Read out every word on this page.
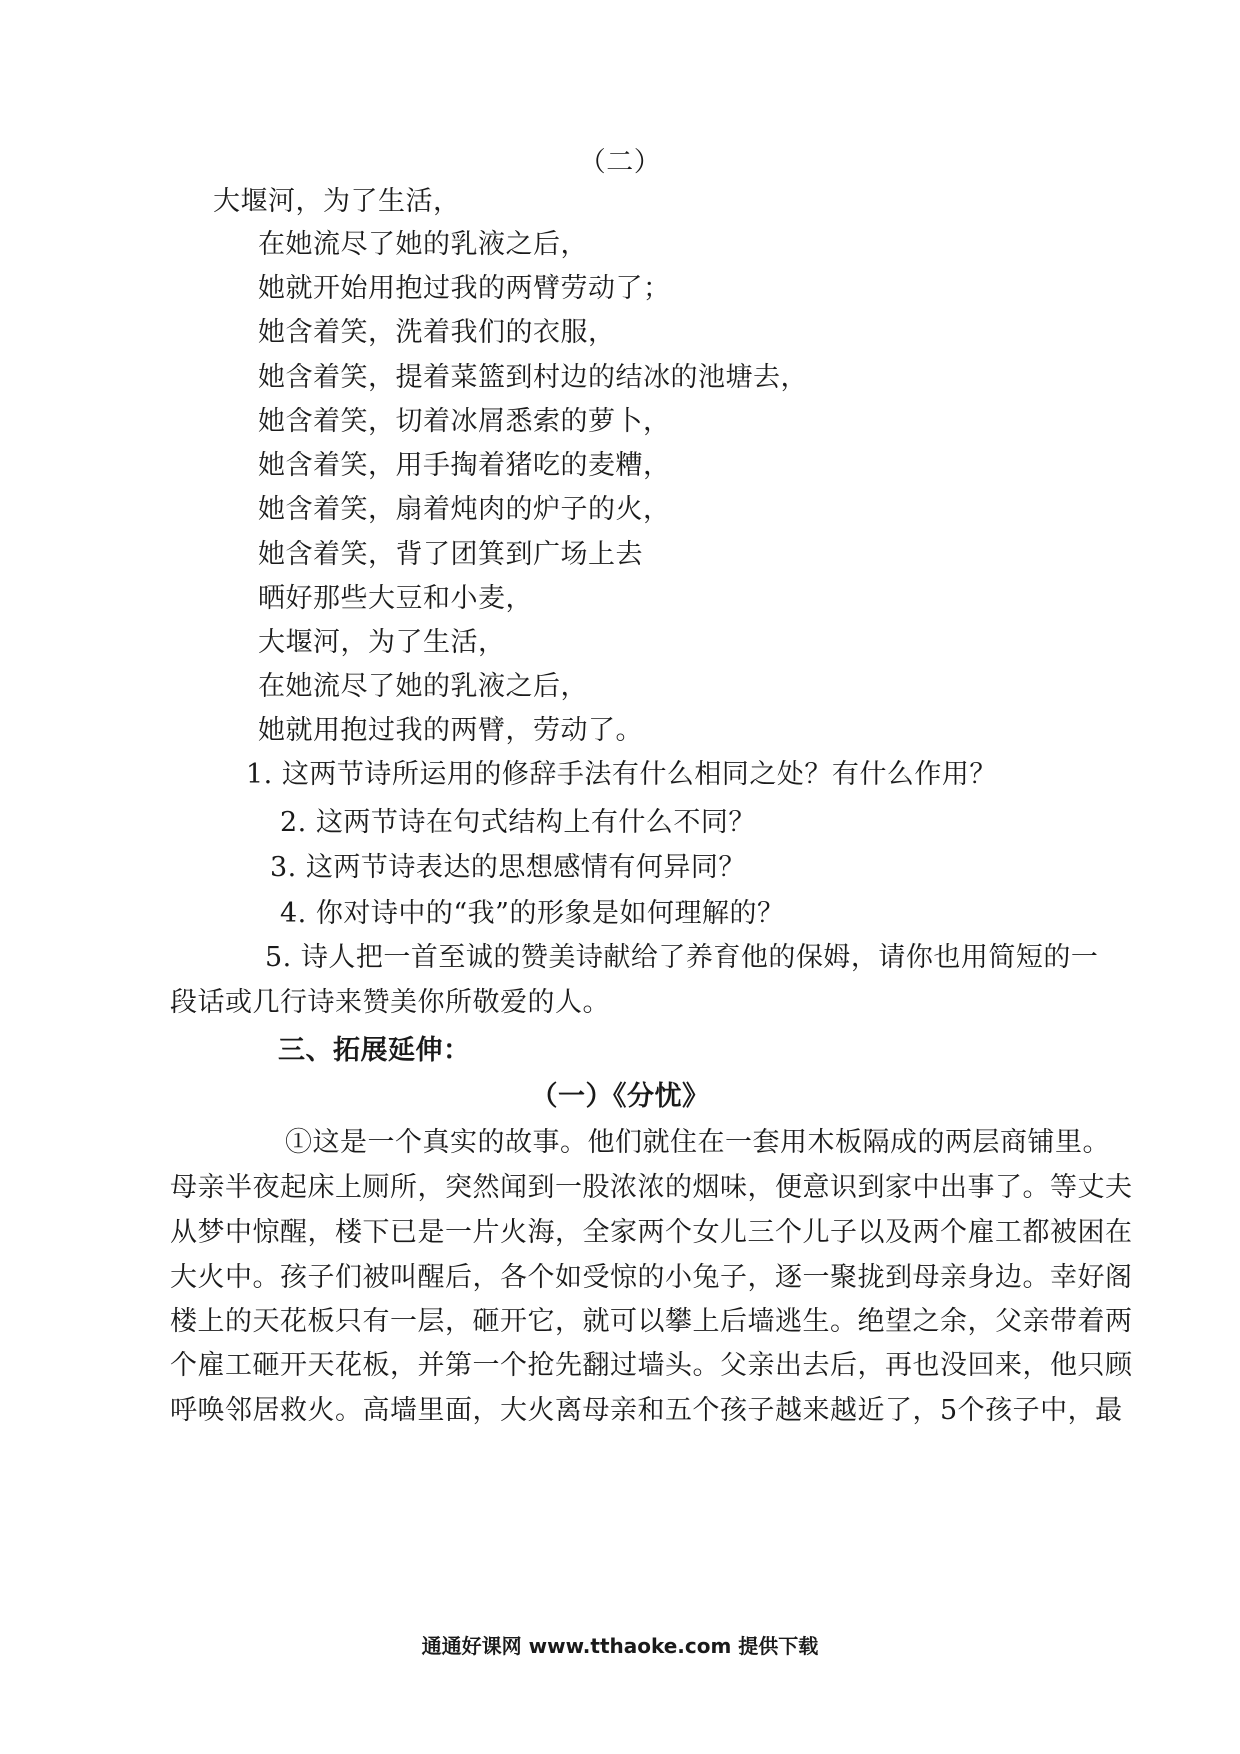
（二）
大堰河，为了生活，
在她流尽了她的乳液之后，
她就开始用抱过我的两臂劳动了；
她含着笑，洗着我们的衣服，
她含着笑，提着菜篮到村边的结冰的池塘去，
她含着笑，切着冰屑悉索的萝卜，
她含着笑，用手掏着猪吃的麦糟，
她含着笑，扇着炖肉的炉子的火，
她含着笑，背了团箕到广场上去
晒好那些大豆和小麦，
大堰河，为了生活，
在她流尽了她的乳液之后，
她就用抱过我的两臂，劳动了。
1. 这两节诗所运用的修辞手法有什么相同之处？有什么作用？
2. 这两节诗在句式结构上有什么不同？
3. 这两节诗表达的思想感情有何异同？
4. 你对诗中的“我”的形象是如何理解的？
5. 诗人把一首至诚的赞美诗献给了养育他的保姆，请你也用简短的一
段话或几行诗来赞美你所敬爱的人。
三、拓展延伸：
（一）《分忧》
①这是一个真实的故事。他们就住在一套用木板隔成的两层商铺里。
母亲半夜起床上厕所，突然闻到一股浓浓的烟味，便意识到家中出事了。等丈夫
从梦中惊醒，楼下已是一片火海，全家两个女儿三个儿子以及两个雇工都被困在
大火中。孩子们被叫醒后，各个如受惊的小兔子，逐一聚拢到母亲身边。幸好阁
楼上的天花板只有一层，砸开它，就可以攀上后墙逃生。绝望之余，父亲带着两
个雇工砸开天花板，并第一个抢先翻过墙头。父亲出去后，再也没回来，他只顾
呼唤邻居救火。高墙里面，大火离母亲和五个孩子越来越近了，5个孩子中，最
通通好课网 www.tthaoke.com 提供下载
